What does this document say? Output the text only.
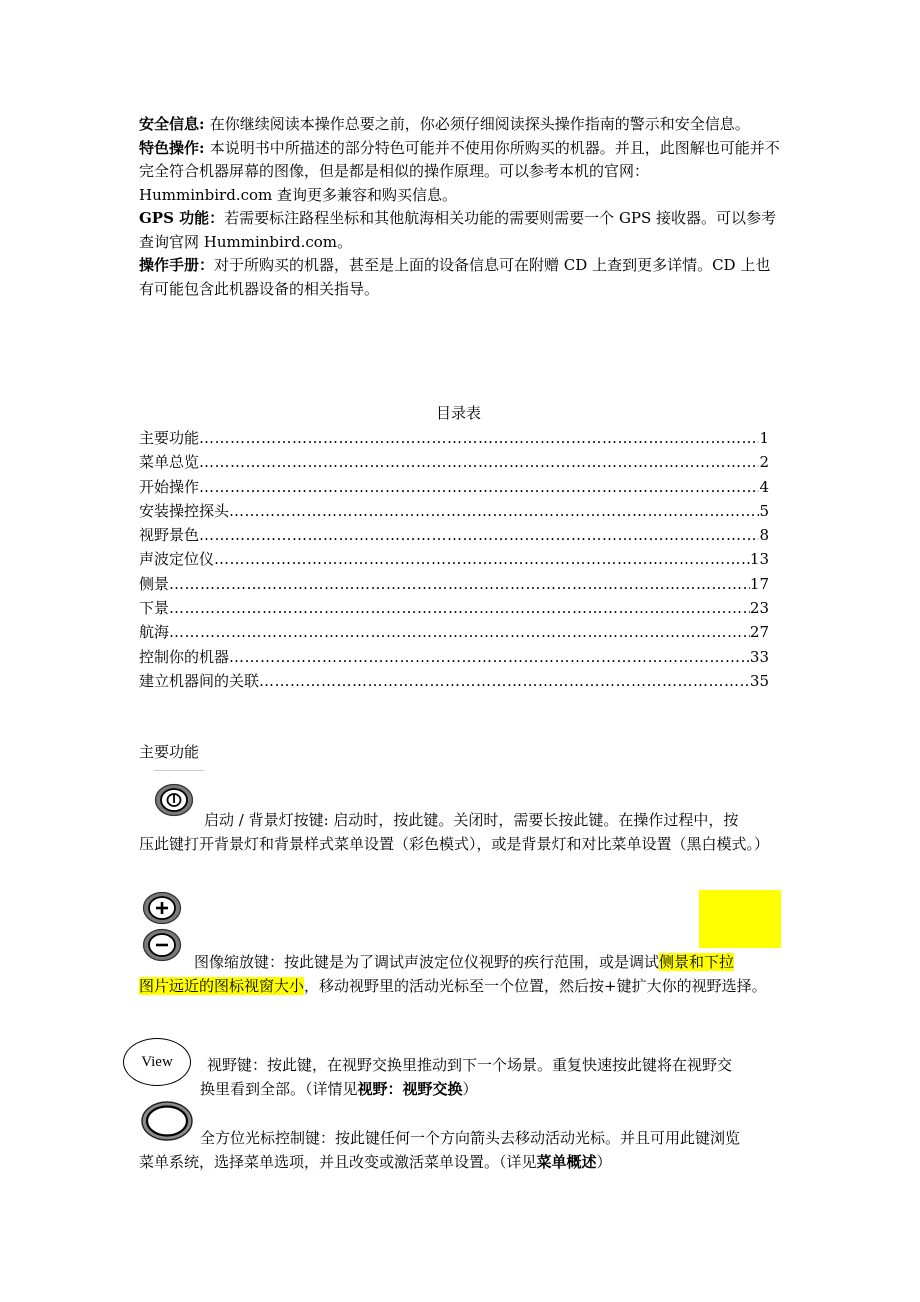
安全信息: 在你继续阅读本操作总要之前，你必须仔细阅读探头操作指南的警示和安全信息。
特色操作: 本说明书中所描述的部分特色可能并不使用你所购买的机器。并且，此图解也可能并不完全符合机器屏幕的图像，但是都是相似的操作原理。可以参考本机的官网：Humminbird.com 查询更多兼容和购买信息。
GPS 功能：若需要标注路程坐标和其他航海相关功能的需要则需要一个 GPS 接收器。可以参考查询官网 Humminbird.com。
操作手册：对于所购买的机器，甚至是上面的设备信息可在附赠 CD 上查到更多详情。CD 上也有可能包含此机器设备的相关指导。

目录表
主要功能 ……………………………………………………………………………………………………………………………………	1
菜单总览 ……………………………………………………………………………………………………………………………………	2
开始操作 ……………………………………………………………………………………………………………………………………	4
安装操控探头 ……………………………………………………………………………………………………………………………………	5
视野景色 ……………………………………………………………………………………………………………………………………	8
声波定位仪 ……………………………………………………………………………………………………………………………………	13
侧景 ……………………………………………………………………………………………………………………………………	17
下景 ……………………………………………………………………………………………………………………………………	23
航海 ……………………………………………………………………………………………………………………………………	27
控制你的机器 ……………………………………………………………………………………………………………………………………	33
建立机器间的关联 ……………………………………………………………………………………………………………………………………	35
主要功能
启动 / 背景灯按键: 启动时，按此键。关闭时，需要长按此键。在操作过程中，按
压此键打开背景灯和背景样式菜单设置（彩色模式），或是背景灯和对比菜单设置（黑白模式。）
图像缩放键：按此键是为了调试声波定位仪视野的疾行范围，或是调试侧景和下拉
图片远近的图标视窗大小，移动视野里的活动光标至一个位置，然后按+键扩大你的视野选择。
View	视野键：按此键，在视野交换里推动到下一个场景。重复快速按此键将在视野交
换里看到全部。（详情见视野：视野交换）
全方位光标控制键：按此键任何一个方向箭头去移动活动光标。并且可用此键浏览
菜单系统，选择菜单选项，并且改变或激活菜单设置。（详见菜单概述）
